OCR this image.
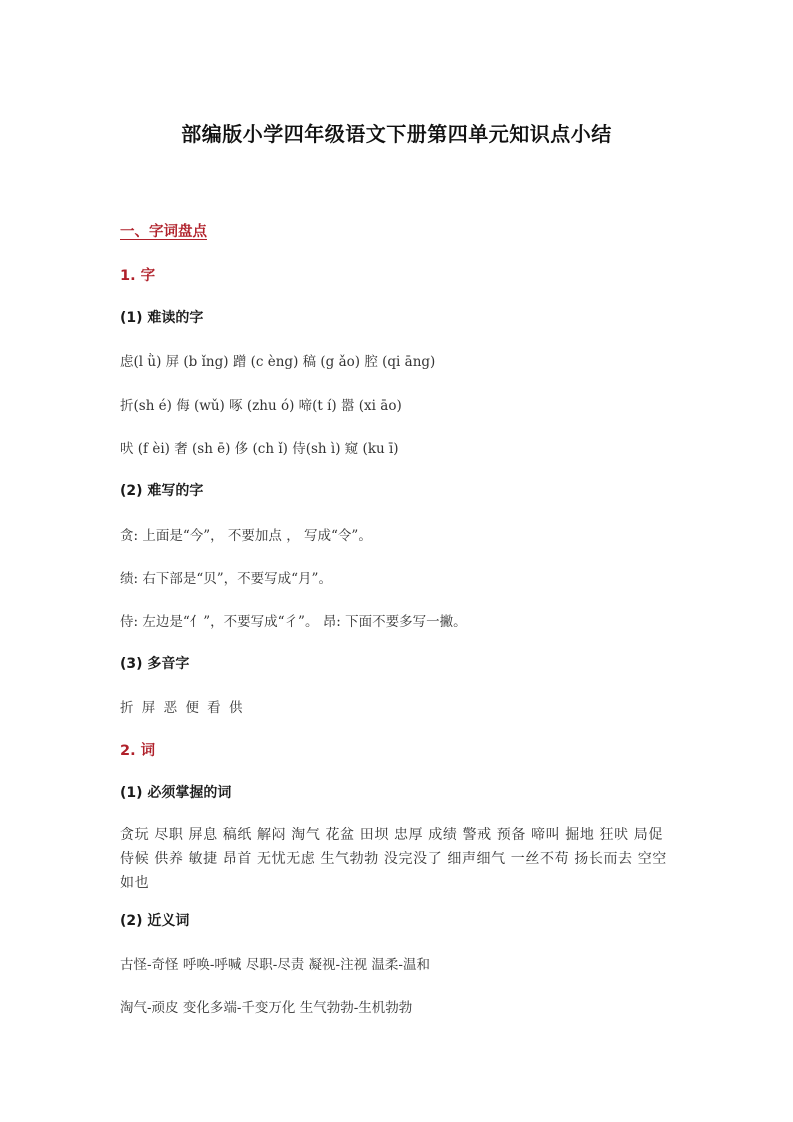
部编版小学四年级语文下册第四单元知识点小结
一、字词盘点
1. 字
(1) 难读的字
虑(l ǜ) 屏 (b ǐng) 蹭 (c èng) 稿 (g ǎo) 腔 (qi āng)
折(sh é) 侮 (wǔ) 啄 (zhu ó) 啼(t í) 嚣 (xi āo)
吠 (f èi) 奢 (sh ē) 侈 (ch ǐ) 侍(sh ì) 窥 (ku ī)
(2) 难写的字
贪: 上面是“今”， 不要加点 ， 写成“令”。
绩: 右下部是“贝”，不要写成“月”。
侍: 左边是“亻”，不要写成“彳”。 昂: 下面不要多写一撇。
(3) 多音字
折 屏 恶 便 看 供
2. 词
(1) 必须掌握的词
贪玩 尽职 屏息 稿纸 解闷 淘气 花盆 田坝 忠厚 成绩 警戒 预备 啼叫 掘地 狂吠 局促 侍候 供养 敏捷 昂首 无忧无虑 生气勃勃 没完没了 细声细气 一丝不苟 扬长而去 空空如也
(2) 近义词
古怪-奇怪 呼唤-呼喊 尽职-尽责 凝视-注视 温柔-温和
淘气-顽皮 变化多端-千变万化 生气勃勃-生机勃勃
